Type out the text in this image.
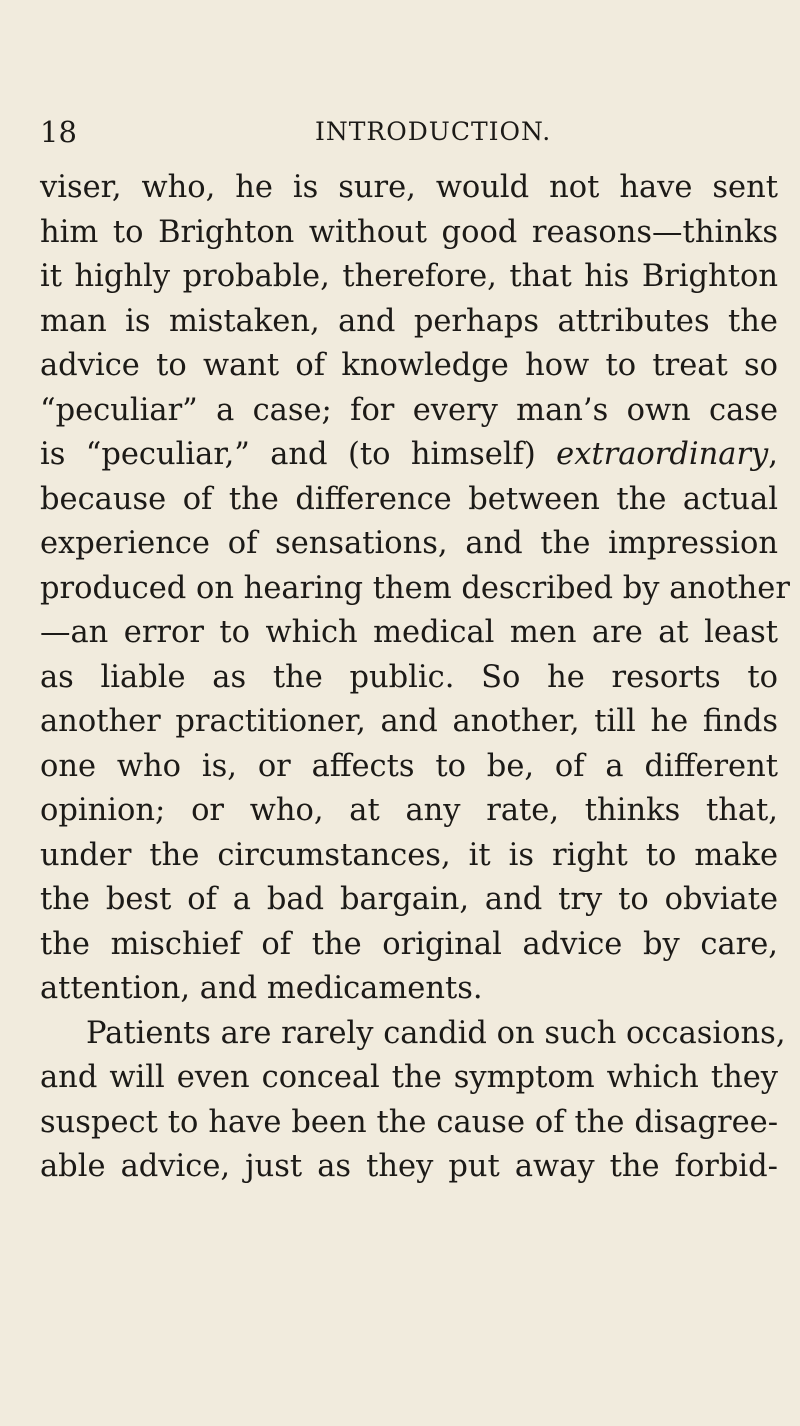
18	INTRODUCTION.
viser, who, he is sure, would not have sent
him to Brighton without good reasons—thinks
it highly probable, therefore, that his Brighton
man is mistaken, and perhaps attributes the
advice to want of knowledge how to treat so
“peculiar” a case; for every man’s own case
is “peculiar,” and (to himself) extraordinary,
because of the difference between the actual
experience of sensations, and the impression
produced on hearing them described by another
—an error to which medical men are at least
as liable as the public. So he resorts to
another practitioner, and another, till he finds
one who is, or affects to be, of a different
opinion; or who, at any rate, thinks that,
under the circumstances, it is right to make
the best of a bad bargain, and try to obviate
the mischief of the original advice by care,
attention, and medicaments.
Patients are rarely candid on such occasions,
and will even conceal the symptom which they
suspect to have been the cause of the disagree-
able advice, just as they put away the forbid-
